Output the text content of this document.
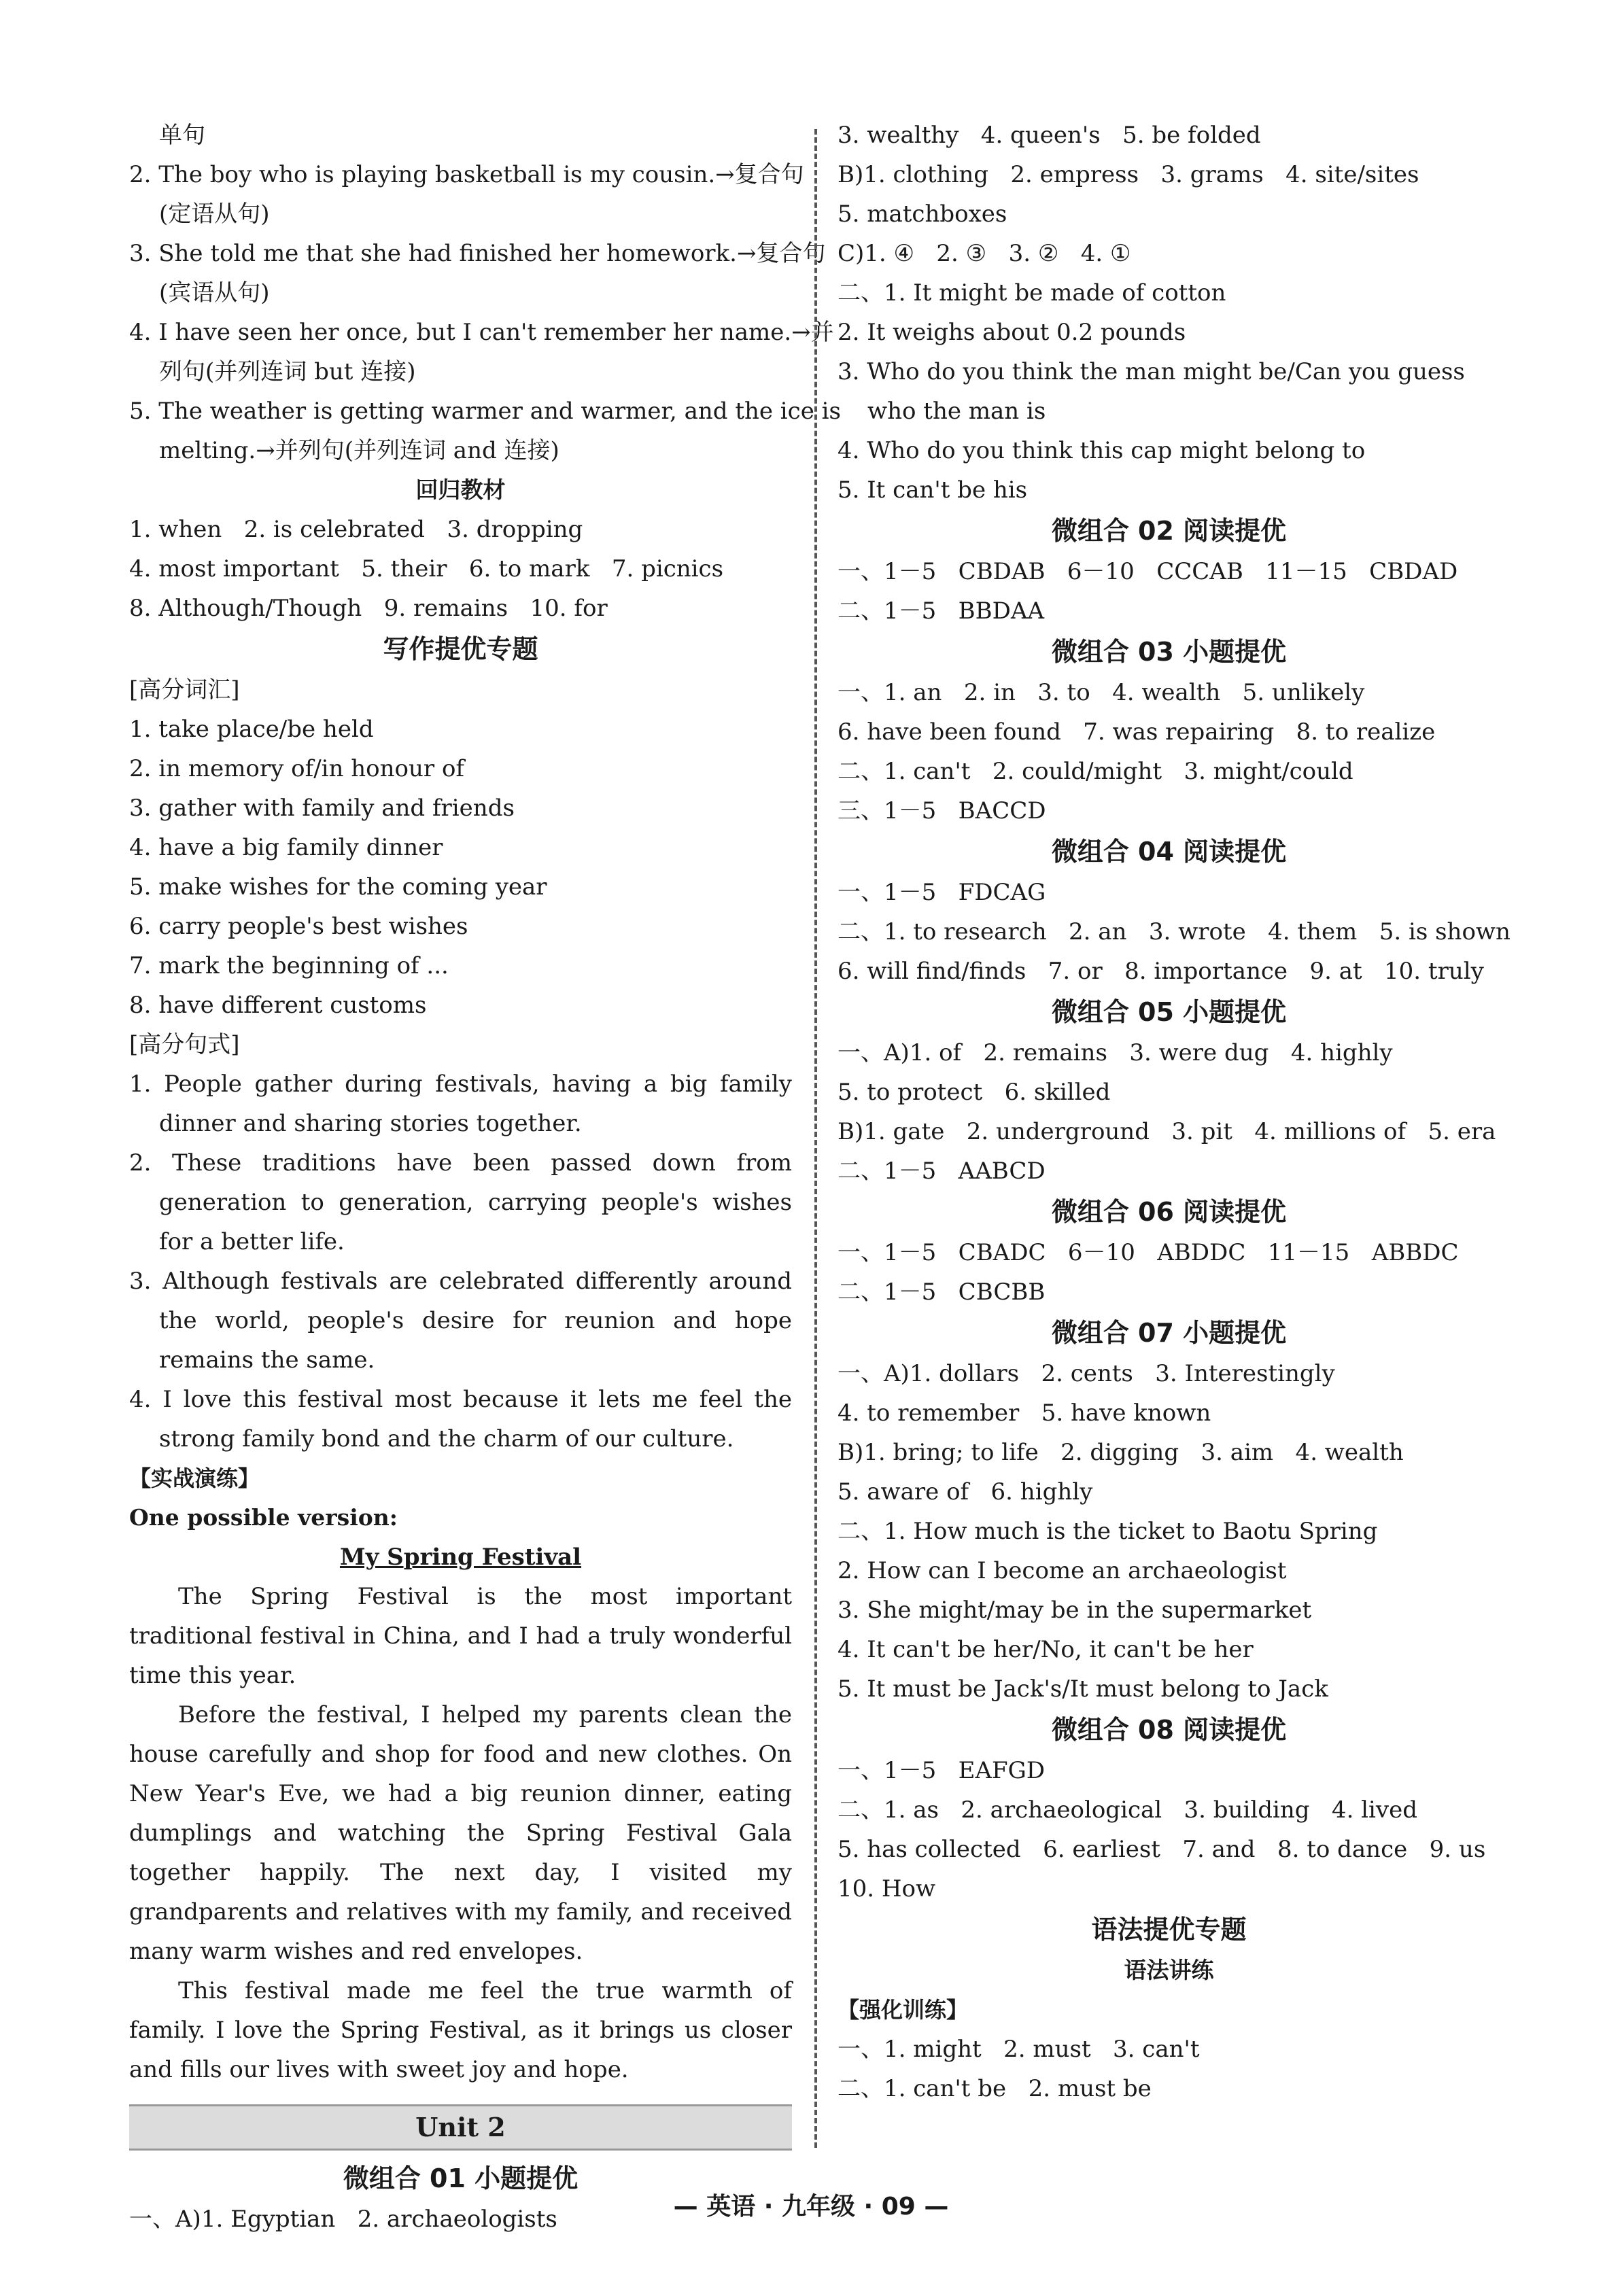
单句
2. The boy who is playing basketball is my cousin.→复合句
(定语从句)
3. She told me that she had finished her homework.→复合句
(宾语从句)
4. I have seen her once, but I can't remember her name.→并
列句(并列连词 but 连接)
5. The weather is getting warmer and warmer, and the ice is
melting.→并列句(并列连词 and 连接)
回归教材
1. when   2. is celebrated   3. dropping
4. most important   5. their   6. to mark   7. picnics
8. Although/Though   9. remains   10. for
写作提优专题
[高分词汇]
1. take place/be held
2. in memory of/in honour of
3. gather with family and friends
4. have a big family dinner
5. make wishes for the coming year
6. carry people's best wishes
7. mark the beginning of ...
8. have different customs
[高分句式]
1. People gather during festivals, having a big family dinner and sharing stories together.
2. These traditions have been passed down from generation to generation, carrying people's wishes for a better life.
3. Although festivals are celebrated differently around the world, people's desire for reunion and hope remains the same.
4. I love this festival most because it lets me feel the strong family bond and the charm of our culture.
【实战演练】
One possible version:
My Spring Festival
The Spring Festival is the most important traditional festival in China, and I had a truly wonderful time this year.
Before the festival, I helped my parents clean the house carefully and shop for food and new clothes. On New Year's Eve, we had a big reunion dinner, eating dumplings and watching the Spring Festival Gala together happily. The next day, I visited my grandparents and relatives with my family, and received many warm wishes and red envelopes.
This festival made me feel the true warmth of family. I love the Spring Festival, as it brings us closer and fills our lives with sweet joy and hope.
Unit 2
微组合 01 小题提优
一、A)1. Egyptian   2. archaeologists
3. wealthy   4. queen's   5. be folded
B)1. clothing   2. empress   3. grams   4. site/sites
5. matchboxes
C)1. ④   2. ③   3. ②   4. ①
二、1. It might be made of cotton
2. It weighs about 0.2 pounds
3. Who do you think the man might be/Can you guess who the man is
4. Who do you think this cap might belong to
5. It can't be his
微组合 02 阅读提优
一、1－5   CBDAB   6－10   CCCAB   11－15   CBDAD
二、1－5   BBDAA
微组合 03 小题提优
一、1. an   2. in   3. to   4. wealth   5. unlikely
6. have been found   7. was repairing   8. to realize
二、1. can't   2. could/might   3. might/could
三、1－5   BACCD
微组合 04 阅读提优
一、1－5   FDCAG
二、1. to research   2. an   3. wrote   4. them   5. is shown
6. will find/finds   7. or   8. importance   9. at   10. truly
微组合 05 小题提优
一、A)1. of   2. remains   3. were dug   4. highly
5. to protect   6. skilled
B)1. gate   2. underground   3. pit   4. millions of   5. era
二、1－5   AABCD
微组合 06 阅读提优
一、1－5   CBADC   6－10   ABDDC   11－15   ABBDC
二、1－5   CBCBB
微组合 07 小题提优
一、A)1. dollars   2. cents   3. Interestingly
4. to remember   5. have known
B)1. bring; to life   2. digging   3. aim   4. wealth
5. aware of   6. highly
二、1. How much is the ticket to Baotu Spring
2. How can I become an archaeologist
3. She might/may be in the supermarket
4. It can't be her/No, it can't be her
5. It must be Jack's/It must belong to Jack
微组合 08 阅读提优
一、1－5   EAFGD
二、1. as   2. archaeological   3. building   4. lived
5. has collected   6. earliest   7. and   8. to dance   9. us
10. How
语法提优专题
语法讲练
【强化训练】
一、1. might   2. must   3. can't
二、1. can't be   2. must be
— 英语 · 九年级 · 09 —
